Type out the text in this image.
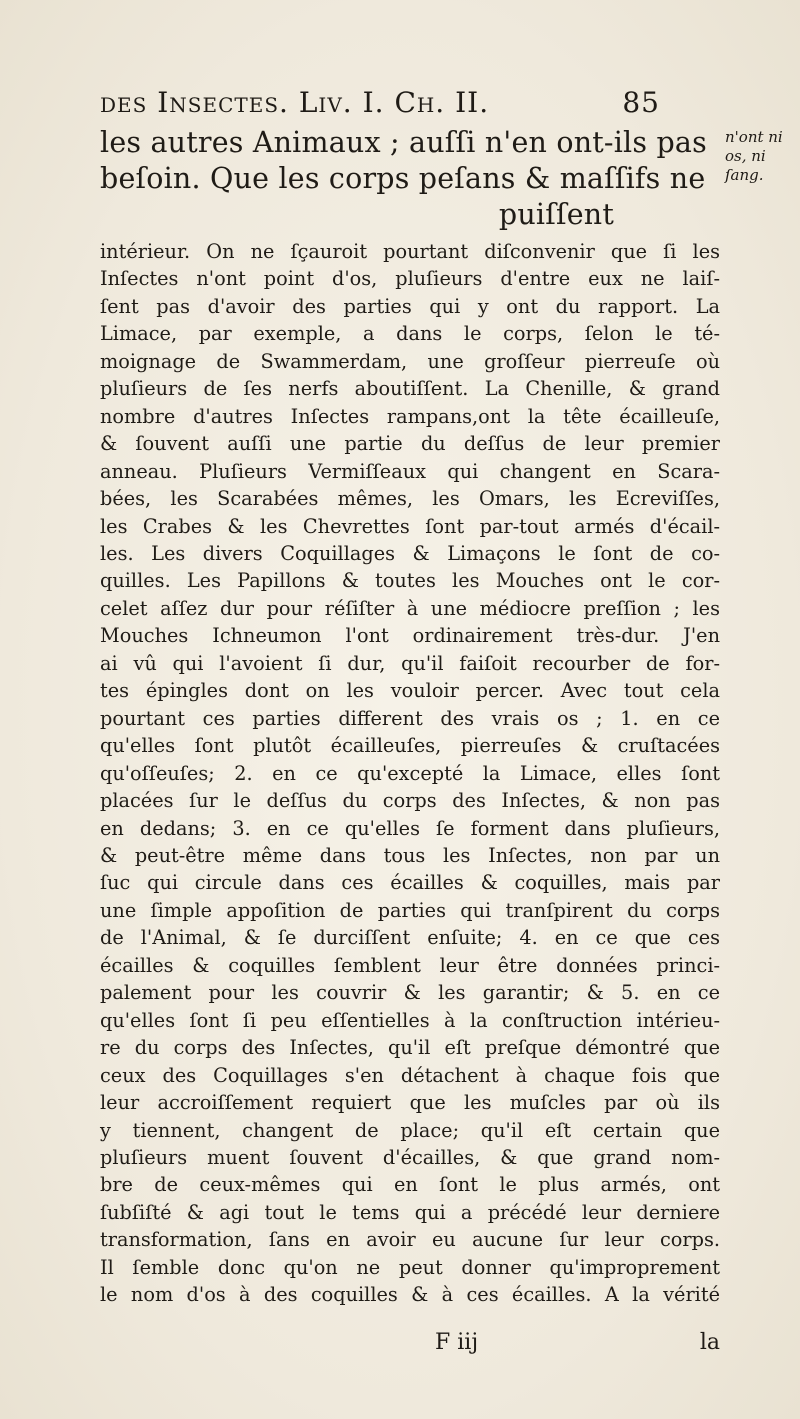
des Insectes. Liv. I. Ch. II.	85
les autres Animaux ; auſſi n'en ont-ils pas
beſoin. Que les corps peſans & maſſifs ne
puiſſent
n'ont ni
os, ni
ſang.
intérieur. On ne ſçauroit pourtant diſconvenir que ſi les
Inſectes n'ont point d'os, pluſieurs d'entre eux ne laiſ-
ſent pas d'avoir des parties qui y ont du rapport. La
Limace, par exemple, a dans le corps, ſelon le té-
moignage de Swammerdam, une groſſeur pierreuſe où
pluſieurs de ſes nerfs aboutiſſent. La Chenille, & grand
nombre d'autres Inſectes rampans,ont la tête écailleuſe,
& ſouvent auſſi une partie du deſſus de leur premier
anneau. Pluſieurs Vermiſſeaux qui changent en Scara-
bées, les Scarabées mêmes, les Omars, les Ecreviſſes,
les Crabes & les Chevrettes ſont par-tout armés d'écail-
les. Les divers Coquillages & Limaçons le ſont de co-
quilles. Les Papillons & toutes les Mouches ont le cor-
celet aſſez dur pour réſiſter à une médiocre preſſion ; les
Mouches Ichneumon l'ont ordinairement très-dur. J'en
ai vû qui l'avoient ſi dur, qu'il faiſoit recourber de for-
tes épingles dont on les vouloir percer. Avec tout cela
pourtant ces parties different des vrais os ; 1. en ce
qu'elles ſont plutôt écailleuſes, pierreuſes & cruſtacées
qu'oſſeuſes; 2. en ce qu'excepté la Limace, elles ſont
placées ſur le deſſus du corps des Inſectes, & non pas
en dedans; 3. en ce qu'elles ſe forment dans pluſieurs,
& peut-être même dans tous les Inſectes, non par un
ſuc qui circule dans ces écailles & coquilles, mais par
une ſimple appoſition de parties qui tranſpirent du corps
de l'Animal, & ſe durciſſent enſuite; 4. en ce que ces
écailles & coquilles ſemblent leur être données princi-
palement pour les couvrir & les garantir; & 5. en ce
qu'elles ſont ſi peu eſſentielles à la conſtruction intérieu-
re du corps des Inſectes, qu'il eſt preſque démontré que
ceux des Coquillages s'en détachent à chaque fois que
leur accroiſſement requiert que les muſcles par où ils
y tiennent, changent de place; qu'il eſt certain que
pluſieurs muent ſouvent d'écailles, & que grand nom-
bre de ceux-mêmes qui en ſont le plus armés, ont
ſubſiſté & agi tout le tems qui a précédé leur derniere
transformation, ſans en avoir eu aucune ſur leur corps.
Il ſemble donc qu'on ne peut donner qu'improprement
le nom d'os à des coquilles & à ces écailles. A la vérité
F iij	la
